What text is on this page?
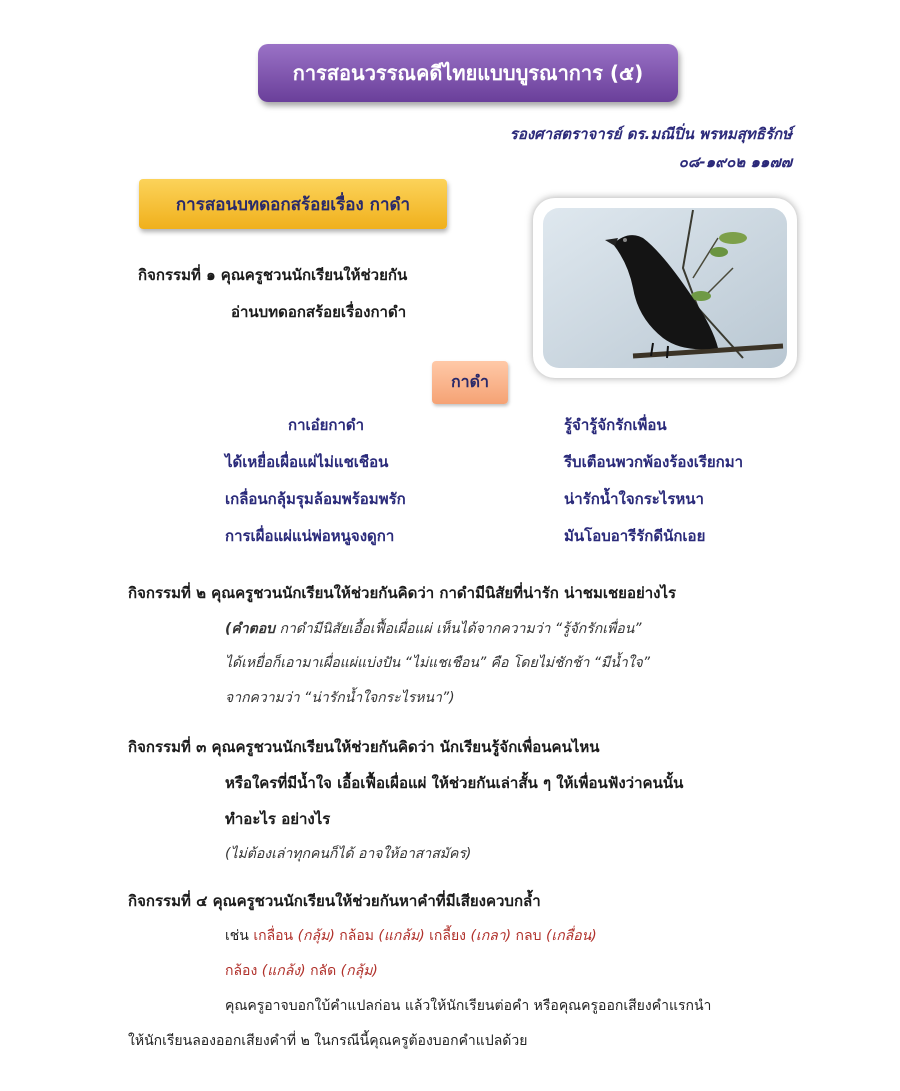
การสอนวรรณคดีไทยแบบบูรณาการ (๕)
รองศาสตราจารย์ ดร.มณีปิ่น พรหมสุทธิรักษ์
๐๘-๑๙๐๒ ๑๑๗๗
การสอนบทดอกสร้อยเรื่อง กาดำ
กิจกรรมที่ ๑ คุณครูชวนนักเรียนให้ช่วยกัน
อ่านบทดอกสร้อยเรื่องกาดำ
กาดำ
กาเอ๋ยกาดำ
ได้เหยื่อเผื่อแผ่ไม่แชเชือน
เกลื่อนกลุ้มรุมล้อมพร้อมพรัก
การเผื่อแผ่แน่พ่อหนูจงดูกา
รู้จำรู้จักรักเพื่อน
รีบเตือนพวกพ้องร้องเรียกมา
น่ารักน้ำใจกระไรหนา
มันโอบอารีรักดีนักเอย
กิจกรรมที่ ๒ คุณครูชวนนักเรียนให้ช่วยกันคิดว่า กาดำมีนิสัยที่น่ารัก น่าชมเชยอย่างไร
(คำตอบ กาดำมีนิสัยเอื้อเฟื้อเผื่อแผ่ เห็นได้จากความว่า “รู้จักรักเพื่อน”
ได้เหยื่อก็เอามาเผื่อแผ่แบ่งปัน “ไม่แชเชือน” คือ โดยไม่ชักช้า “มีน้ำใจ”
จากความว่า “น่ารักน้ำใจกระไรหนา”)
กิจกรรมที่ ๓ คุณครูชวนนักเรียนให้ช่วยกันคิดว่า นักเรียนรู้จักเพื่อนคนไหน
หรือใครที่มีน้ำใจ เอื้อเฟื้อเผื่อแผ่ ให้ช่วยกันเล่าสั้น ๆ ให้เพื่อนฟังว่าคนนั้น
ทำอะไร อย่างไร
(ไม่ต้องเล่าทุกคนก็ได้ อาจให้อาสาสมัคร)
กิจกรรมที่ ๔ คุณครูชวนนักเรียนให้ช่วยกันหาคำที่มีเสียงควบกล้ำ
เช่น เกลื่อน (กลุ้ม) กล้อม (แกล้ม) เกลี้ยง (เกลา) กลบ (เกลื่อน)
กล้อง (แกล้ง) กลัด (กลุ้ม)
คุณครูอาจบอกใบ้คำแปลก่อน แล้วให้นักเรียนต่อคำ หรือคุณครูออกเสียงคำแรกนำ
ให้นักเรียนลองออกเสียงคำที่ ๒ ในกรณีนี้คุณครูต้องบอกคำแปลด้วย
